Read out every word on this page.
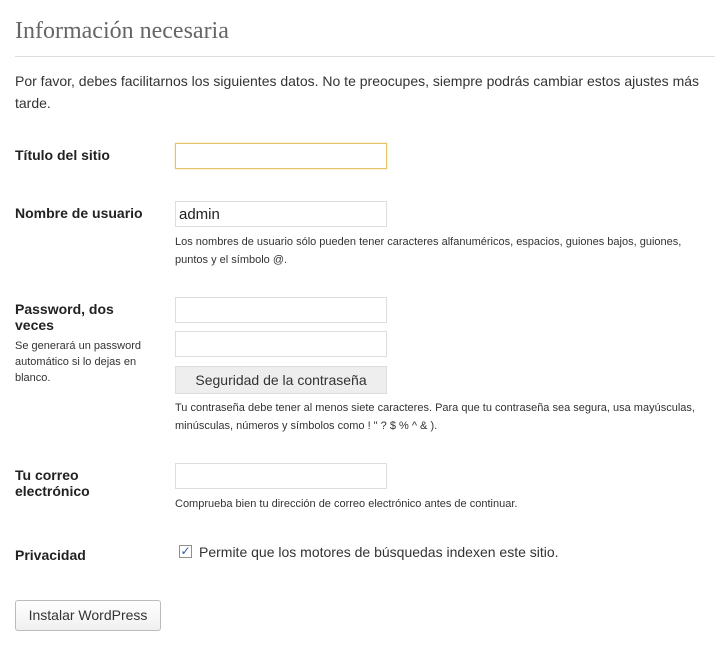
Información necesaria

Por favor, debes facilitarnos los siguientes datos. No te preocupes, siempre podrás cambiar estos ajustes más tarde.

Título del sitio
Nombre de usuario
admin
Los nombres de usuario sólo pueden tener caracteres alfanuméricos, espacios, guiones bajos, guiones, puntos y el símbolo @.
Password, dos veces
Se generará un password automático si lo dejas en blanco.	Seguridad de la contraseña
Tu contraseña debe tener al menos siete caracteres. Para que tu contraseña sea segura, usa mayúsculas, minúsculas, números y símbolos como ! " ? $ % ^ & ).
Tu correo electrónico
Comprueba bien tu dirección de correo electrónico antes de continuar.
Privacidad	✓ Permite que los motores de búsquedas indexen este sitio.
Instalar WordPress
